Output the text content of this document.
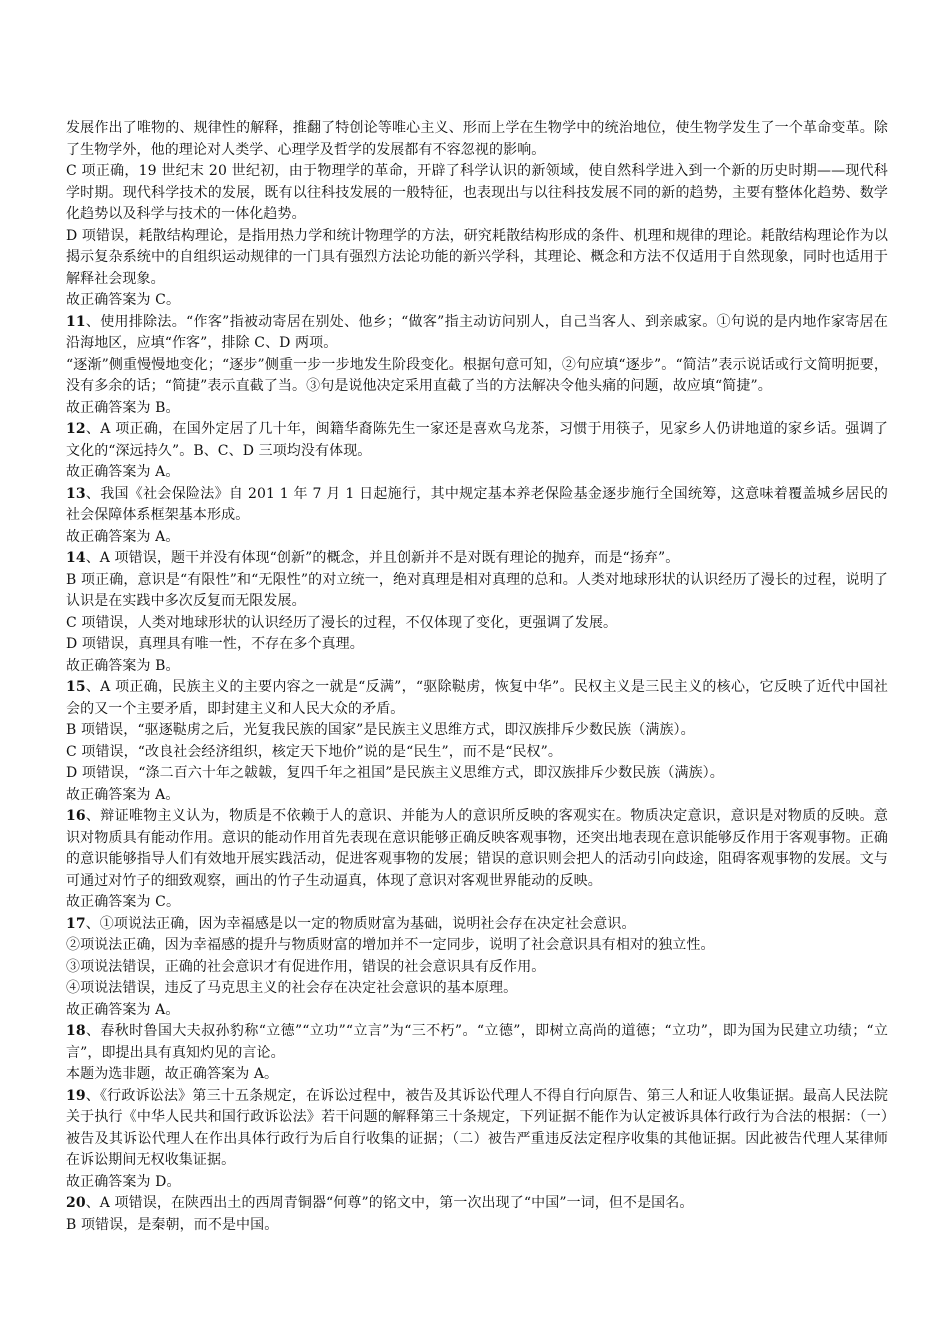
发展作出了唯物的、规律性的解释，推翻了特创论等唯心主义、形而上学在生物学中的统治地位，使生物学发生了一个革命变革。除了生物学外，他的理论对人类学、心理学及哲学的发展都有不容忽视的影响。

C 项正确，19 世纪末 20 世纪初，由于物理学的革命，开辟了科学认识的新领域，使自然科学进入到一个新的历史时期——现代科学时期。现代科学技术的发展，既有以往科技发展的一般特征，也表现出与以往科技发展不同的新的趋势，主要有整体化趋势、数学化趋势以及科学与技术的一体化趋势。

D 项错误，耗散结构理论，是指用热力学和统计物理学的方法，研究耗散结构形成的条件、机理和规律的理论。耗散结构理论作为以揭示复杂系统中的自组织运动规律的一门具有强烈方法论功能的新兴学科，其理论、概念和方法不仅适用于自然现象，同时也适用于解释社会现象。

故正确答案为 C。

11、使用排除法。“作客”指被动寄居在别处、他乡；“做客”指主动访问别人，自己当客人、到亲戚家。①句说的是内地作家寄居在沿海地区，应填“作客”，排除 C、D 两项。

“逐渐”侧重慢慢地变化；“逐步”侧重一步一步地发生阶段变化。根据句意可知，②句应填“逐步”。“简洁”表示说话或行文简明扼要，没有多余的话；“简捷”表示直截了当。③句是说他决定采用直截了当的方法解决令他头痛的问题，故应填“简捷”。

故正确答案为 B。

12、A 项正确，在国外定居了几十年，闽籍华裔陈先生一家还是喜欢乌龙茶，习惯于用筷子，见家乡人仍讲地道的家乡话。强调了文化的“深远持久”。B、C、D 三项均没有体现。

故正确答案为 A。

13、我国《社会保险法》自 201 1 年 7 月 1 日起施行，其中规定基本养老保险基金逐步施行全国统筹，这意味着覆盖城乡居民的社会保障体系框架基本形成。

故正确答案为 A。

14、A 项错误，题干并没有体现“创新”的概念，并且创新并不是对既有理论的抛弃，而是“扬弃”。

B 项正确，意识是“有限性”和“无限性”的对立统一，绝对真理是相对真理的总和。人类对地球形状的认识经历了漫长的过程，说明了认识是在实践中多次反复而无限发展。

C 项错误，人类对地球形状的认识经历了漫长的过程，不仅体现了变化，更强调了发展。

D 项错误，真理具有唯一性，不存在多个真理。

故正确答案为 B。

15、A 项正确，民族主义的主要内容之一就是“反满”，“驱除鞑虏，恢复中华”。民权主义是三民主义的核心，它反映了近代中国社会的又一个主要矛盾，即封建主义和人民大众的矛盾。

B 项错误，“驱逐鞑虏之后，光复我民族的国家”是民族主义思维方式，即汉族排斥少数民族（满族）。

C 项错误，“改良社会经济组织，核定天下地价”说的是“民生”，而不是“民权”。

D 项错误，“涤二百六十年之韍韍，复四千年之祖国”是民族主义思维方式，即汉族排斥少数民族（满族）。

故正确答案为 A。

16、辩证唯物主义认为，物质是不依赖于人的意识、并能为人的意识所反映的客观实在。物质决定意识，意识是对物质的反映。意识对物质具有能动作用。意识的能动作用首先表现在意识能够正确反映客观事物，还突出地表现在意识能够反作用于客观事物。正确的意识能够指导人们有效地开展实践活动，促进客观事物的发展；错误的意识则会把人的活动引向歧途，阻碍客观事物的发展。文与可通过对竹子的细致观察，画出的竹子生动逼真，体现了意识对客观世界能动的反映。

故正确答案为 C。

17、①项说法正确，因为幸福感是以一定的物质财富为基础，说明社会存在决定社会意识。

②项说法正确，因为幸福感的提升与物质财富的增加并不一定同步，说明了社会意识具有相对的独立性。

③项说法错误，正确的社会意识才有促进作用，错误的社会意识具有反作用。

④项说法错误，违反了马克思主义的社会存在决定社会意识的基本原理。

故正确答案为 A。

18、春秋时鲁国大夫叔孙豹称“立德”“立功”“立言”为“三不朽”。“立德”，即树立高尚的道德；“立功”，即为国为民建立功绩；“立言”，即提出具有真知灼见的言论。

本题为选非题，故正确答案为 A。

19、《行政诉讼法》第三十五条规定，在诉讼过程中，被告及其诉讼代理人不得自行向原告、第三人和证人收集证据。最高人民法院关于执行《中华人民共和国行政诉讼法》若干问题的解释第三十条规定，下列证据不能作为认定被诉具体行政行为合法的根据：（一）被告及其诉讼代理人在作出具体行政行为后自行收集的证据；（二）被告严重违反法定程序收集的其他证据。因此被告代理人某律师在诉讼期间无权收集证据。

故正确答案为 D。

20、A 项错误，在陕西出土的西周青铜器“何尊”的铭文中，第一次出现了“中国”一词，但不是国名。

B 项错误，是秦朝，而不是中国。
